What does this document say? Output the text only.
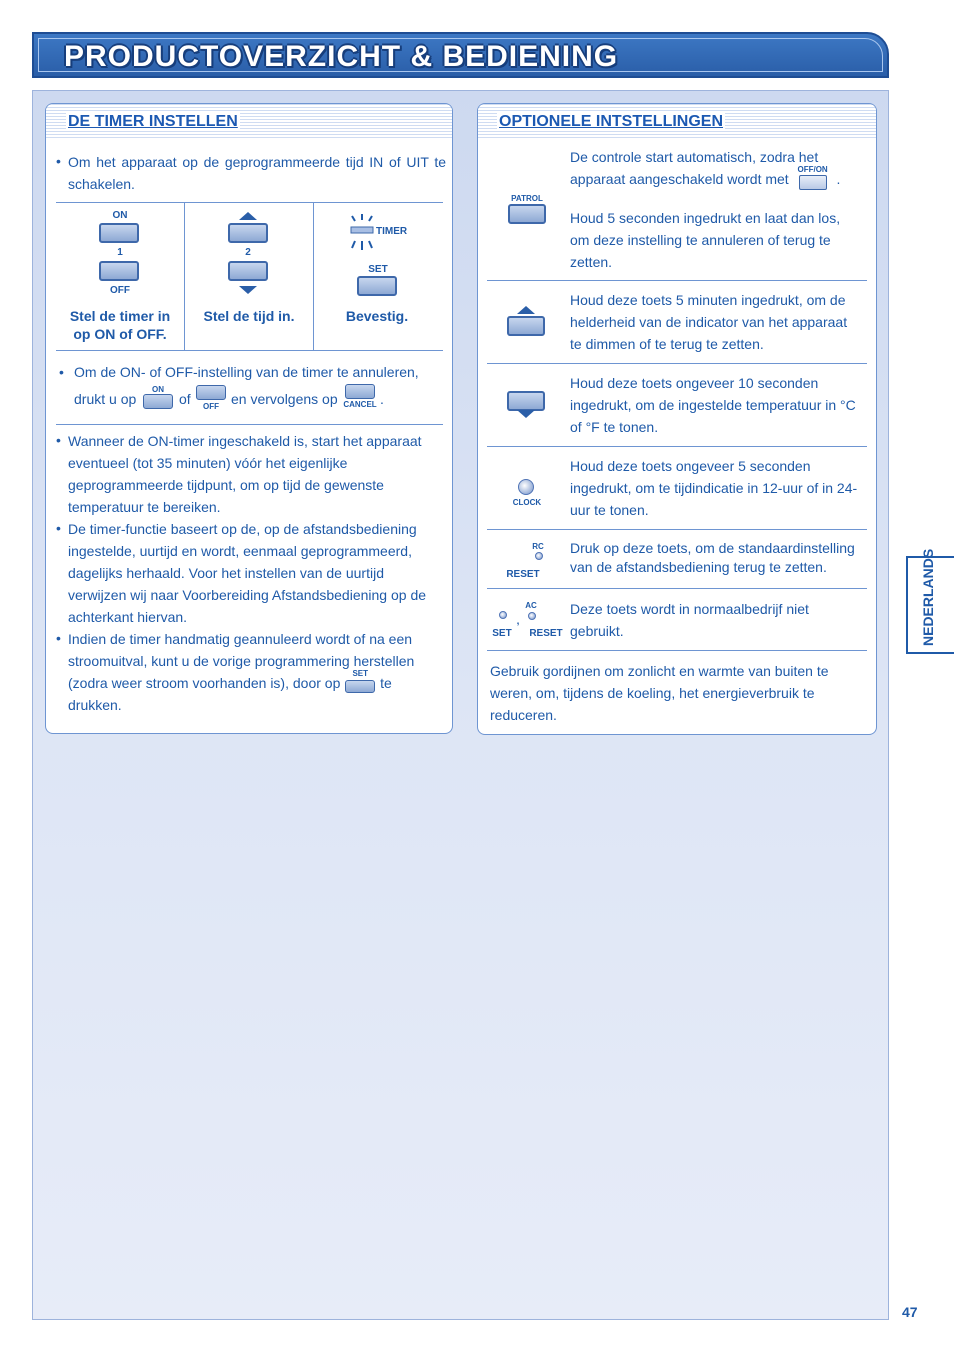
PRODUCTOVERZICHT & BEDIENING
DE TIMER INSTELLEN
• Om het apparaat op de geprogrammeerde tijd IN of UIT te schakelen.
ON
1
OFF
Stel de timer in op ON of OFF.
2
Stel de tijd in.
TIMER
SET
Bevestig.
• Om de ON- of OFF-instelling van de timer te annuleren,
drukt u op
ON
of	OFF en vervolgens op CANCEL .
• Wanneer de ON-timer ingeschakeld is, start het apparaat eventueel (tot 35 minuten) vóór het eigenlijke geprogrammeerde tijdpunt, om op tijd de gewenste temperatuur te bereiken.
• De timer-functie baseert op de, op de afstandsbediening ingestelde, uurtijd en wordt, eenmaal geprogrammeerd, dagelijks herhaald. Voor het instellen van de uurtijd verwijzen wij naar Voorbereiding Afstandsbediening op de achterkant hiervan.
• Indien de timer handmatig geannuleerd wordt of na een stroomuitval, kunt u de vorige programmering herstellen (zodra weer stroom voorhanden is), door op
SET
te drukken.
OPTIONELE INTSTELLINGEN
PATROL
De controle start automatisch, zodra het apparaat aangeschakeld wordt met
OFF/ON
.
Houd 5 seconden ingedrukt en laat dan los, om deze instelling te annuleren of terug te zetten.
Houd deze toets 5 minuten ingedrukt, om de helderheid van de indicator van het apparaat te dimmen of te terug te zetten.
Houd deze toets ongeveer 10 seconden ingedrukt, om de ingestelde temperatuur in °C of °F te tonen.
CLOCK
Houd deze toets ongeveer 5 seconden ingedrukt, om te tijdindicatie in 12-uur of in 24-uur te tonen.
RC
RESET
Druk op deze toets, om de standaardinstelling van de afstandsbediening terug te zetten.
SET
,
AC
RESET
Deze toets wordt in normaalbedrijf niet gebruikt.
Gebruik gordijnen om zonlicht en warmte van buiten te weren, om, tijdens de koeling, het energieverbruik te reduceren.
NEDERLANDS
47
